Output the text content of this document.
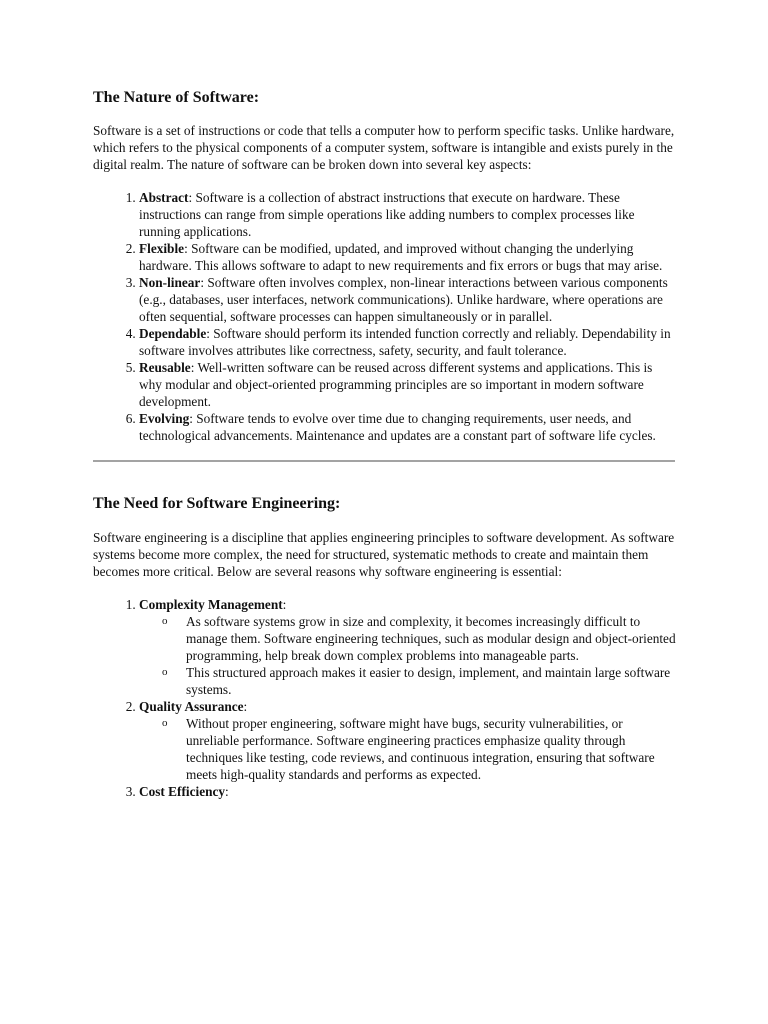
The Nature of Software:

Software is a set of instructions or code that tells a computer how to perform specific tasks. Unlike hardware, which refers to the physical components of a computer system, software is intangible and exists purely in the digital realm. The nature of software can be broken down into several key aspects:

1. Abstract: Software is a collection of abstract instructions that execute on hardware. These instructions can range from simple operations like adding numbers to complex processes like running applications.
2. Flexible: Software can be modified, updated, and improved without changing the underlying hardware. This allows software to adapt to new requirements and fix errors or bugs that may arise.
3. Non-linear: Software often involves complex, non-linear interactions between various components (e.g., databases, user interfaces, network communications). Unlike hardware, where operations are often sequential, software processes can happen simultaneously or in parallel.
4. Dependable: Software should perform its intended function correctly and reliably. Dependability in software involves attributes like correctness, safety, security, and fault tolerance.
5. Reusable: Well-written software can be reused across different systems and applications. This is why modular and object-oriented programming principles are so important in modern software development.
6. Evolving: Software tends to evolve over time due to changing requirements, user needs, and technological advancements. Maintenance and updates are a constant part of software life cycles.
The Need for Software Engineering:

Software engineering is a discipline that applies engineering principles to software development. As software systems become more complex, the need for structured, systematic methods to create and maintain them becomes more critical. Below are several reasons why software engineering is essential:

1. Complexity Management:
o As software systems grow in size and complexity, it becomes increasingly difficult to manage them. Software engineering techniques, such as modular design and object-oriented programming, help break down complex problems into manageable parts.
o This structured approach makes it easier to design, implement, and maintain large software systems.
2. Quality Assurance:
o Without proper engineering, software might have bugs, security vulnerabilities, or unreliable performance. Software engineering practices emphasize quality through techniques like testing, code reviews, and continuous integration, ensuring that software meets high-quality standards and performs as expected.
3. Cost Efficiency:
